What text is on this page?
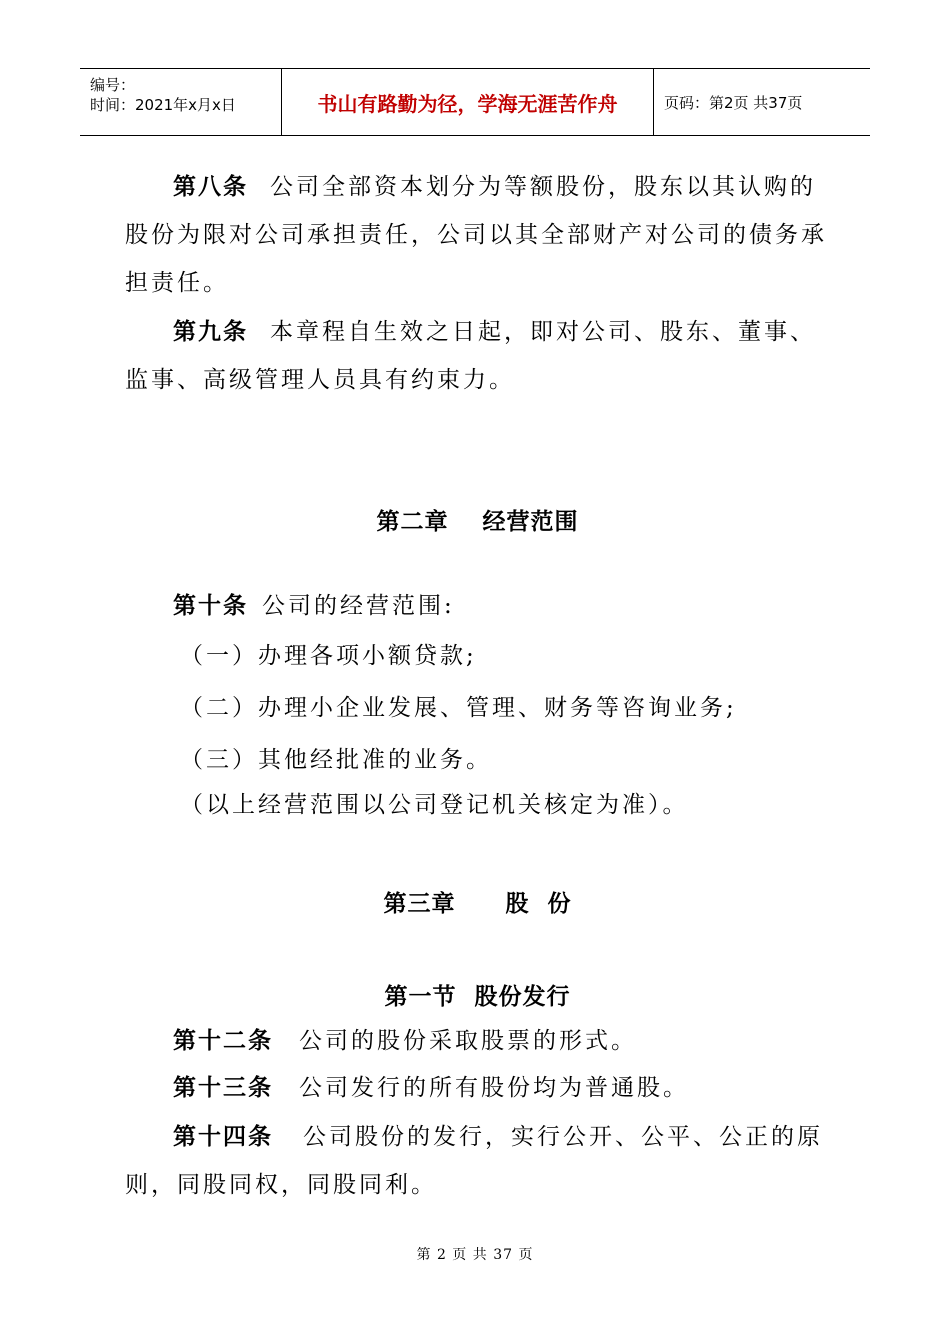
编号：
时间：2021年x月x日	书山有路勤为径，学海无涯苦作舟	页码：第2页 共37页
第八条 公司全部资本划分为等额股份，股东以其认购的
股份为限对公司承担责任，公司以其全部财产对公司的债务承
担责任。
第九条 本章程自生效之日起，即对公司、股东、董事、
监事、高级管理人员具有约束力。
第二章 经营范围
第十条 公司的经营范围:
（一）办理各项小额贷款;
（二）办理小企业发展、管理、财务等咨询业务;
（三）其他经批准的业务。
（以上经营范围以公司登记机关核定为准）。
第三章 股  份
第一节 股份发行
第十二条 公司的股份采取股票的形式。
第十三条 公司发行的所有股份均为普通股。
第十四条 公司股份的发行，实行公开、公平、公正的原
则，同股同权，同股同利。
第 2 页 共 37 页
